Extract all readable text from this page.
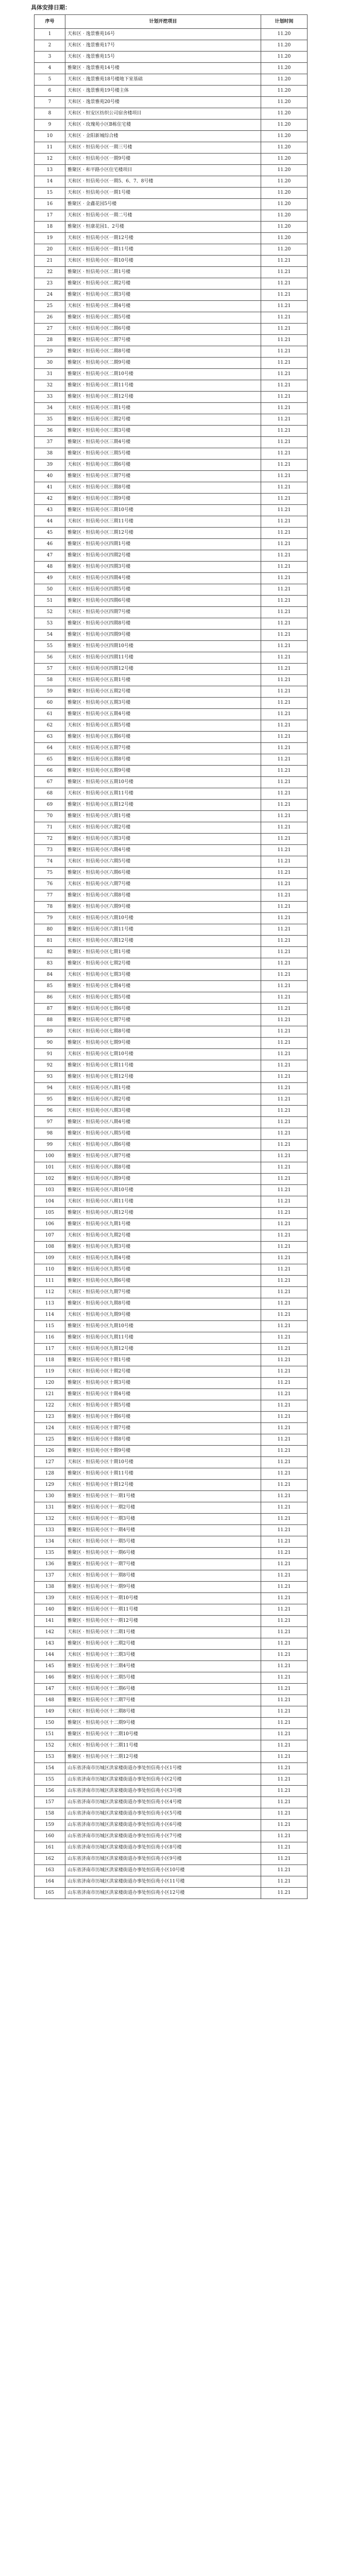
具体安排日期：
序号	计划开挖项目	计划时间
1	天和区 · 逸景雅苑16号	11.20
2	天和区 · 逸景雅苑17号	11.20
3	天和区 · 逸景雅苑15号	11.20
4	雅聚区 · 逸景雅苑14号楼	11.20
5	天和区 · 逸景雅苑18号楼地下室基础	11.20
6	天和区 · 逸景雅苑19号楼主体	11.20
7	天和区 · 逸景雅苑20号楼	11.20
8	天和区 · 恒安区纺织公司宿舍楼项目	11.20
9	天和区 · 玫瑰苑小区B栋住宅楼	11.20
10	天和区 · 金阳新城综合楼	11.20
11	天和区 · 恒信苑小区一期三号楼	11.20
12	天和区 · 恒信苑小区一期9号楼	11.20
13	雅聚区 · 和平路小区住宅楼项目	11.20
14	天和区 · 恒信苑小区一期5、6、7、8号楼	11.20
15	天和区 · 恒信苑小区一期1号楼	11.20
16	雅聚区 · 金鑫花园5号楼	11.20
17	天和区 · 恒信苑小区一期二号楼	11.20
18	雅聚区 · 恒康花园1、2号楼	11.20
19	天和区 · 恒信苑小区一期12号楼	11.20
20	天和区 · 恒信苑小区一期11号楼	11.20
21	天和区 · 恒信苑小区一期10号楼	11.21
22	雅聚区 · 恒信苑小区二期1号楼	11.21
23	雅聚区 · 恒信苑小区二期2号楼	11.21
24	雅聚区 · 恒信苑小区二期3号楼	11.21
25	天和区 · 恒信苑小区二期4号楼	11.21
26	雅聚区 · 恒信苑小区二期5号楼	11.21
27	天和区 · 恒信苑小区二期6号楼	11.21
28	雅聚区 · 恒信苑小区二期7号楼	11.21
29	雅聚区 · 恒信苑小区二期8号楼	11.21
30	雅聚区 · 恒信苑小区二期9号楼	11.21
31	雅聚区 · 恒信苑小区二期10号楼	11.21
32	雅聚区 · 恒信苑小区二期11号楼	11.21
33	雅聚区 · 恒信苑小区二期12号楼	11.21
34	天和区 · 恒信苑小区三期1号楼	11.21
35	雅聚区 · 恒信苑小区三期2号楼	11.21
36	雅聚区 · 恒信苑小区三期3号楼	11.21
37	雅聚区 · 恒信苑小区三期4号楼	11.21
38	雅聚区 · 恒信苑小区三期5号楼	11.21
39	天和区 · 恒信苑小区三期6号楼	11.21
40	雅聚区 · 恒信苑小区三期7号楼	11.21
41	天和区 · 恒信苑小区三期8号楼	11.21
42	雅聚区 · 恒信苑小区三期9号楼	11.21
43	雅聚区 · 恒信苑小区三期10号楼	11.21
44	天和区 · 恒信苑小区三期11号楼	11.21
45	雅聚区 · 恒信苑小区三期12号楼	11.21
46	雅聚区 · 恒信苑小区四期1号楼	11.21
47	雅聚区 · 恒信苑小区四期2号楼	11.21
48	雅聚区 · 恒信苑小区四期3号楼	11.21
49	天和区 · 恒信苑小区四期4号楼	11.21
50	天和区 · 恒信苑小区四期5号楼	11.21
51	雅聚区 · 恒信苑小区四期6号楼	11.21
52	天和区 · 恒信苑小区四期7号楼	11.21
53	雅聚区 · 恒信苑小区四期8号楼	11.21
54	雅聚区 · 恒信苑小区四期9号楼	11.21
55	雅聚区 · 恒信苑小区四期10号楼	11.21
56	天和区 · 恒信苑小区四期11号楼	11.21
57	天和区 · 恒信苑小区四期12号楼	11.21
58	天和区 · 恒信苑小区五期1号楼	11.21
59	雅聚区 · 恒信苑小区五期2号楼	11.21
60	雅聚区 · 恒信苑小区五期3号楼	11.21
61	雅聚区 · 恒信苑小区五期4号楼	11.21
62	天和区 · 恒信苑小区五期5号楼	11.21
63	雅聚区 · 恒信苑小区五期6号楼	11.21
64	天和区 · 恒信苑小区五期7号楼	11.21
65	雅聚区 · 恒信苑小区五期8号楼	11.21
66	雅聚区 · 恒信苑小区五期9号楼	11.21
67	雅聚区 · 恒信苑小区五期10号楼	11.21
68	天和区 · 恒信苑小区五期11号楼	11.21
69	雅聚区 · 恒信苑小区五期12号楼	11.21
70	雅聚区 · 恒信苑小区六期1号楼	11.21
71	天和区 · 恒信苑小区六期2号楼	11.21
72	雅聚区 · 恒信苑小区六期3号楼	11.21
73	雅聚区 · 恒信苑小区六期4号楼	11.21
74	天和区 · 恒信苑小区六期5号楼	11.21
75	雅聚区 · 恒信苑小区六期6号楼	11.21
76	天和区 · 恒信苑小区六期7号楼	11.21
77	雅聚区 · 恒信苑小区六期8号楼	11.21
78	雅聚区 · 恒信苑小区六期9号楼	11.21
79	天和区 · 恒信苑小区六期10号楼	11.21
80	雅聚区 · 恒信苑小区六期11号楼	11.21
81	天和区 · 恒信苑小区六期12号楼	11.21
82	雅聚区 · 恒信苑小区七期1号楼	11.21
83	雅聚区 · 恒信苑小区七期2号楼	11.21
84	天和区 · 恒信苑小区七期3号楼	11.21
85	雅聚区 · 恒信苑小区七期4号楼	11.21
86	天和区 · 恒信苑小区七期5号楼	11.21
87	雅聚区 · 恒信苑小区七期6号楼	11.21
88	雅聚区 · 恒信苑小区七期7号楼	11.21
89	天和区 · 恒信苑小区七期8号楼	11.21
90	雅聚区 · 恒信苑小区七期9号楼	11.21
91	天和区 · 恒信苑小区七期10号楼	11.21
92	雅聚区 · 恒信苑小区七期11号楼	11.21
93	雅聚区 · 恒信苑小区七期12号楼	11.21
94	天和区 · 恒信苑小区八期1号楼	11.21
95	雅聚区 · 恒信苑小区八期2号楼	11.21
96	天和区 · 恒信苑小区八期3号楼	11.21
97	雅聚区 · 恒信苑小区八期4号楼	11.21
98	雅聚区 · 恒信苑小区八期5号楼	11.21
99	天和区 · 恒信苑小区八期6号楼	11.21
100	雅聚区 · 恒信苑小区八期7号楼	11.21
101	天和区 · 恒信苑小区八期8号楼	11.21
102	雅聚区 · 恒信苑小区八期9号楼	11.21
103	雅聚区 · 恒信苑小区八期10号楼	11.21
104	天和区 · 恒信苑小区八期11号楼	11.21
105	雅聚区 · 恒信苑小区八期12号楼	11.21
106	雅聚区 · 恒信苑小区九期1号楼	11.21
107	天和区 · 恒信苑小区九期2号楼	11.21
108	雅聚区 · 恒信苑小区九期3号楼	11.21
109	天和区 · 恒信苑小区九期4号楼	11.21
110	雅聚区 · 恒信苑小区九期5号楼	11.21
111	雅聚区 · 恒信苑小区九期6号楼	11.21
112	天和区 · 恒信苑小区九期7号楼	11.21
113	雅聚区 · 恒信苑小区九期8号楼	11.21
114	天和区 · 恒信苑小区九期9号楼	11.21
115	雅聚区 · 恒信苑小区九期10号楼	11.21
116	雅聚区 · 恒信苑小区九期11号楼	11.21
117	天和区 · 恒信苑小区九期12号楼	11.21
118	雅聚区 · 恒信苑小区十期1号楼	11.21
119	天和区 · 恒信苑小区十期2号楼	11.21
120	雅聚区 · 恒信苑小区十期3号楼	11.21
121	雅聚区 · 恒信苑小区十期4号楼	11.21
122	天和区 · 恒信苑小区十期5号楼	11.21
123	雅聚区 · 恒信苑小区十期6号楼	11.21
124	天和区 · 恒信苑小区十期7号楼	11.21
125	雅聚区 · 恒信苑小区十期8号楼	11.21
126	雅聚区 · 恒信苑小区十期9号楼	11.21
127	天和区 · 恒信苑小区十期10号楼	11.21
128	雅聚区 · 恒信苑小区十期11号楼	11.21
129	天和区 · 恒信苑小区十期12号楼	11.21
130	雅聚区 · 恒信苑小区十一期1号楼	11.21
131	雅聚区 · 恒信苑小区十一期2号楼	11.21
132	天和区 · 恒信苑小区十一期3号楼	11.21
133	雅聚区 · 恒信苑小区十一期4号楼	11.21
134	天和区 · 恒信苑小区十一期5号楼	11.21
135	雅聚区 · 恒信苑小区十一期6号楼	11.21
136	雅聚区 · 恒信苑小区十一期7号楼	11.21
137	天和区 · 恒信苑小区十一期8号楼	11.21
138	雅聚区 · 恒信苑小区十一期9号楼	11.21
139	天和区 · 恒信苑小区十一期10号楼	11.21
140	雅聚区 · 恒信苑小区十一期11号楼	11.21
141	雅聚区 · 恒信苑小区十一期12号楼	11.21
142	天和区 · 恒信苑小区十二期1号楼	11.21
143	雅聚区 · 恒信苑小区十二期2号楼	11.21
144	天和区 · 恒信苑小区十二期3号楼	11.21
145	雅聚区 · 恒信苑小区十二期4号楼	11.21
146	雅聚区 · 恒信苑小区十二期5号楼	11.21
147	天和区 · 恒信苑小区十二期6号楼	11.21
148	雅聚区 · 恒信苑小区十二期7号楼	11.21
149	天和区 · 恒信苑小区十二期8号楼	11.21
150	雅聚区 · 恒信苑小区十二期9号楼	11.21
151	雅聚区 · 恒信苑小区十二期10号楼	11.21
152	天和区 · 恒信苑小区十二期11号楼	11.21
153	雅聚区 · 恒信苑小区十二期12号楼	11.21
154	山东省济南市历城区洪家楼街道办事处恒信苑小区1号楼	11.21
155	山东省济南市历城区洪家楼街道办事处恒信苑小区2号楼	11.21
156	山东省济南市历城区洪家楼街道办事处恒信苑小区3号楼	11.21
157	山东省济南市历城区洪家楼街道办事处恒信苑小区4号楼	11.21
158	山东省济南市历城区洪家楼街道办事处恒信苑小区5号楼	11.21
159	山东省济南市历城区洪家楼街道办事处恒信苑小区6号楼	11.21
160	山东省济南市历城区洪家楼街道办事处恒信苑小区7号楼	11.21
161	山东省济南市历城区洪家楼街道办事处恒信苑小区8号楼	11.21
162	山东省济南市历城区洪家楼街道办事处恒信苑小区9号楼	11.21
163	山东省济南市历城区洪家楼街道办事处恒信苑小区10号楼	11.21
164	山东省济南市历城区洪家楼街道办事处恒信苑小区11号楼	11.21
165	山东省济南市历城区洪家楼街道办事处恒信苑小区12号楼	11.21
